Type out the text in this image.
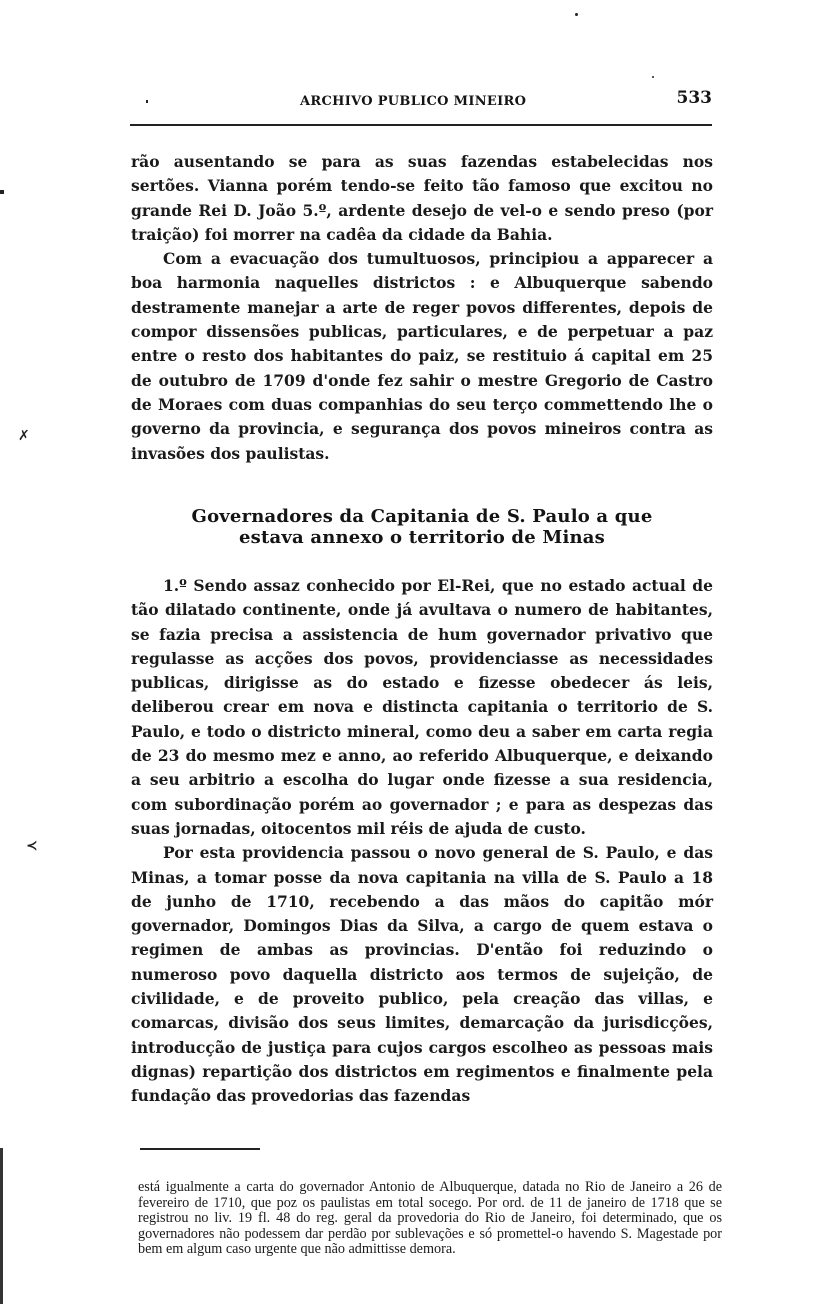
✗
≺
ARCHIVO PUBLICO MINEIRO	533

rão ausentando se para as suas fazendas estabelecidas nos sertões. Vianna porém tendo-se feito tão famoso que excitou no grande Rei D. João 5.º, ardente desejo de vel-o e sendo preso (por traição) foi morrer na cadêa da cidade da Bahia.

Com a evacuação dos tumultuosos, principiou a apparecer a boa harmonia naquelles districtos : e Albuquerque sabendo destramente manejar a arte de reger povos differentes, depois de compor dissensões publicas, particulares, e de perpetuar a paz entre o resto dos habitantes do paiz, se restituio á capital em 25 de outubro de 1709 d'onde fez sahir o mestre Gregorio de Castro de Moraes com duas companhias do seu terço commettendo lhe o governo da provincia, e segurança dos povos mineiros contra as invasões dos paulistas.

Governadores da Capitania de S. Paulo a que
estava annexo o territorio de Minas

1.º Sendo assaz conhecido por El-Rei, que no estado actual de tão dilatado continente, onde já avultava o numero de habitantes, se fazia precisa a assistencia de hum governador privativo que regulasse as acções dos povos, providenciasse as necessidades publicas, dirigisse as do estado e fizesse obedecer ás leis, deliberou crear em nova e distincta capitania o territorio de S. Paulo, e todo o districto mineral, como deu a saber em carta regia de 23 do mesmo mez e anno, ao referido Albuquerque, e deixando a seu arbitrio a escolha do lugar onde fizesse a sua residencia, com subordinação porém ao governador ; e para as despezas das suas jornadas, oitocentos mil réis de ajuda de custo.

Por esta providencia passou o novo general de S. Paulo, e das Minas, a tomar posse da nova capitania na villa de S. Paulo a 18 de junho de 1710, recebendo a das mãos do capitão mór governador, Domingos Dias da Silva, a cargo de quem estava o regimen de ambas as provincias. D'então foi reduzindo o numeroso povo daquella districto aos termos de sujeição, de civilidade, e de proveito publico, pela creação das villas, e comarcas, divisão dos seus limites, demarcação da jurisdicções, introducção de justiça para cujos cargos escolheo as pessoas mais dignas) repartição dos districtos em regimentos e finalmente pela fundação das provedorias das fazendas

está igualmente a carta do governador Antonio de Albuquerque, datada no Rio de Janeiro a 26 de fevereiro de 1710, que poz os paulistas em total socego. Por ord. de 11 de janeiro de 1718 que se registrou no liv. 19 fl. 48 do reg. geral da provedoria do Rio de Janeiro, foi determinado, que os governadores não podessem dar perdão por sublevações e só promettel-o havendo S. Magestade por bem em algum caso urgente que não admittisse demora.
